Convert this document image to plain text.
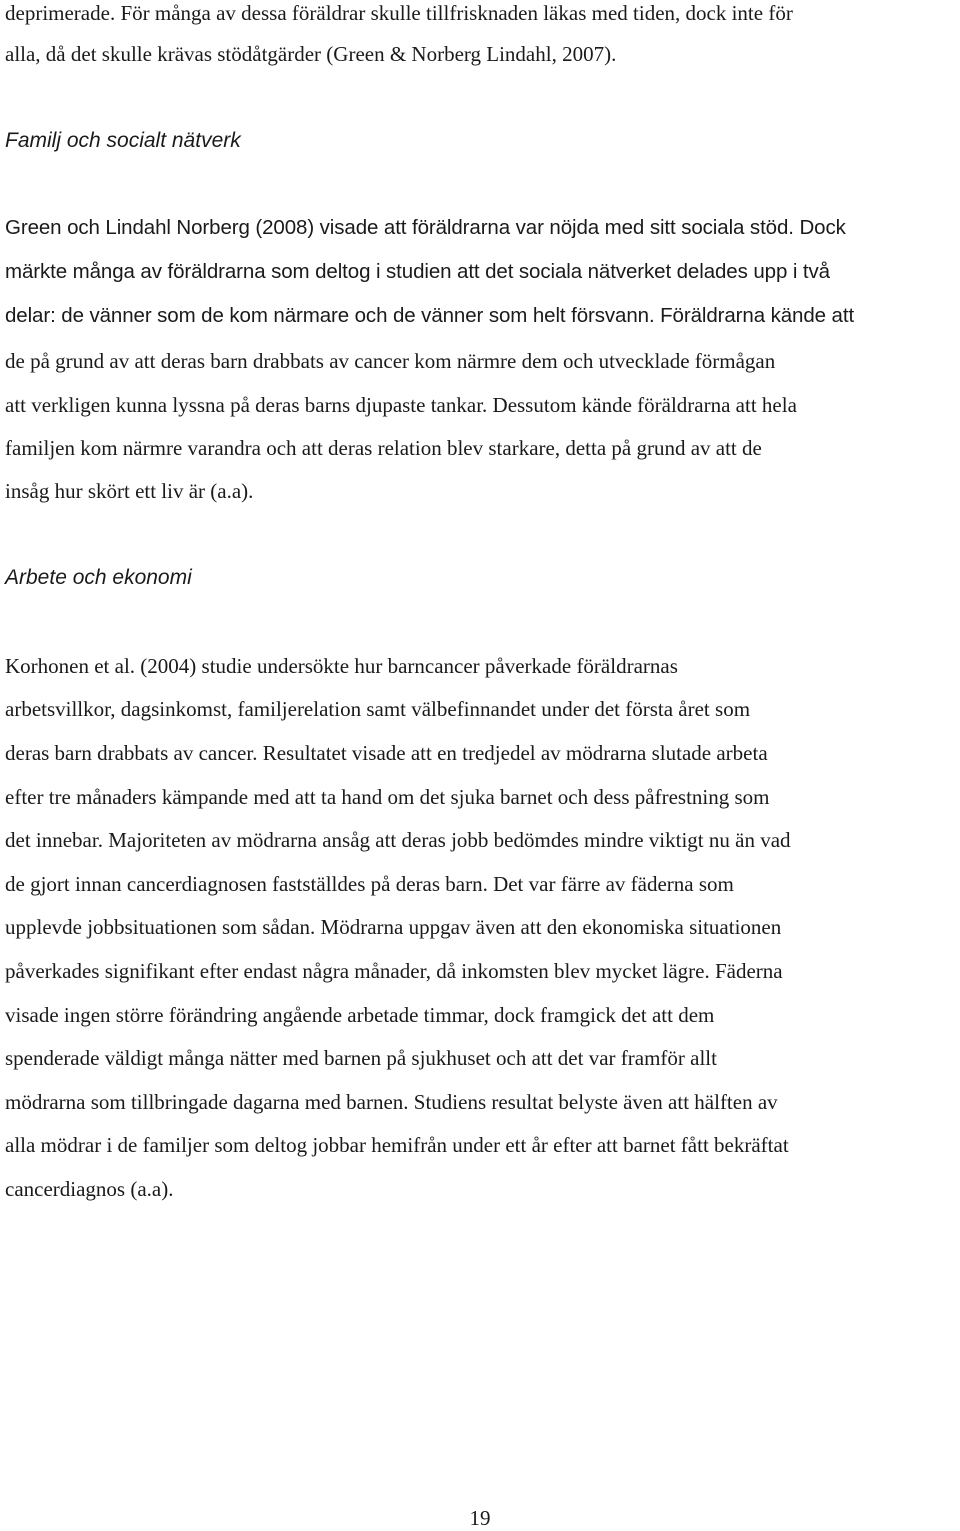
deprimerade. För många av dessa föräldrar skulle tillfrisknaden läkas med tiden, dock inte för
alla, då det skulle krävas stödåtgärder (Green & Norberg Lindahl, 2007).
Familj och socialt nätverk
Green och Lindahl Norberg (2008) visade att föräldrarna var nöjda med sitt sociala stöd. Dock
märkte många av föräldrarna som deltog i studien att det sociala nätverket delades upp i två
delar: de vänner som de kom närmare och de vänner som helt försvann. Föräldrarna kände att
de på grund av att deras barn drabbats av cancer kom närmre dem och utvecklade förmågan
att verkligen kunna lyssna på deras barns djupaste tankar. Dessutom kände föräldrarna att hela
familjen kom närmre varandra och att deras relation blev starkare, detta på grund av att de
insåg hur skört ett liv är (a.a).
Arbete och ekonomi
Korhonen et al. (2004) studie undersökte hur barncancer påverkade föräldrarnas
arbetsvillkor, dagsinkomst, familjerelation samt välbefinnandet under det första året som
deras barn drabbats av cancer. Resultatet visade att en tredjedel av mödrarna slutade arbeta
efter tre månaders kämpande med att ta hand om det sjuka barnet och dess påfrestning som
det innebar. Majoriteten av mödrarna ansåg att deras jobb bedömdes mindre viktigt nu än vad
de gjort innan cancerdiagnosen fastställdes på deras barn. Det var färre av fäderna som
upplevde jobbsituationen som sådan. Mödrarna uppgav även att den ekonomiska situationen
påverkades signifikant efter endast några månader, då inkomsten blev mycket lägre. Fäderna
visade ingen större förändring angående arbetade timmar, dock framgick det att dem
spenderade väldigt många nätter med barnen på sjukhuset och att det var framför allt
mödrarna som tillbringade dagarna med barnen. Studiens resultat belyste även att hälften av
alla mödrar i de familjer som deltog jobbar hemifrån under ett år efter att barnet fått bekräftat
cancerdiagnos (a.a).
19
